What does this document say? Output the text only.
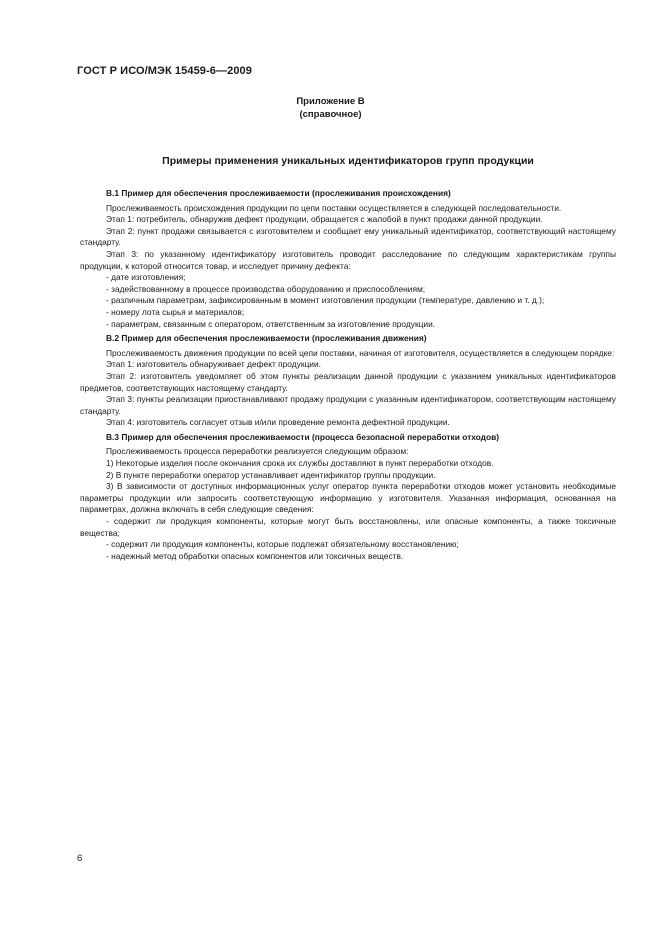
ГОСТ Р ИСО/МЭК 15459-6—2009
Приложение В
(справочное)
Примеры применения уникальных идентификаторов групп продукции
В.1 Пример для обеспечения прослеживаемости (прослеживания происхождения)

Прослеживаемость происхождения продукции по цепи поставки осуществляется в следующей последовательности.

Этап 1: потребитель, обнаружив дефект продукции, обращается с жалобой в пункт продажи данной продукции.

Этап 2: пункт продажи связывается с изготовителем и сообщает ему уникальный идентификатор, соответствующий настоящему стандарту.

Этап 3: по указанному идентификатору изготовитель проводит расследование по следующим характеристикам группы продукции, к которой относится товар, и исследует причину дефекта:

- дате изготовления;

- задействованному в процессе производства оборудованию и приспособлениям;

- различным параметрам, зафиксированным в момент изготовления продукции (температуре, давлению и т. д.);

- номеру лота сырья и материалов;

- параметрам, связанным с оператором, ответственным за изготовление продукции.

В.2 Пример для обеспечения прослеживаемости (прослеживания движения)

Прослеживаемость движения продукции по всей цепи поставки, начиная от изготовителя, осуществляется в следующем порядке:

Этап 1: изготовитель обнаруживает дефект продукции.

Этап 2: изготовитель уведомляет об этом пункты реализации данной продукции с указанием уникальных идентификаторов предметов, соответствующих настоящему стандарту.

Этап 3: пункты реализации приостанавливают продажу продукции с указанным идентификатором, соответствующим настоящему стандарту.

Этап 4: изготовитель согласует отзыв и/или проведение ремонта дефектной продукции.

В.3 Пример для обеспечения прослеживаемости (процесса безопасной переработки отходов)

Прослеживаемость процесса переработки реализуется следующим образом:

1) Некоторые изделия после окончания срока их службы доставляют в пункт переработки отходов.

2) В пункте переработки оператор устанавливает идентификатор группы продукции.

3) В зависимости от доступных информационных услуг оператор пункта переработки отходов может установить необходимые параметры продукции или запросить соответствующую информацию у изготовителя. Указанная информация, основанная на параметрах, должна включать в себя следующие сведения:

- содержит ли продукция компоненты, которые могут быть восстановлены, или опасные компоненты, а также токсичные вещества;

- содержит ли продукция компоненты, которые подлежат обязательному восстановлению;

- надежный метод обработки опасных компонентов или токсичных веществ.

6
